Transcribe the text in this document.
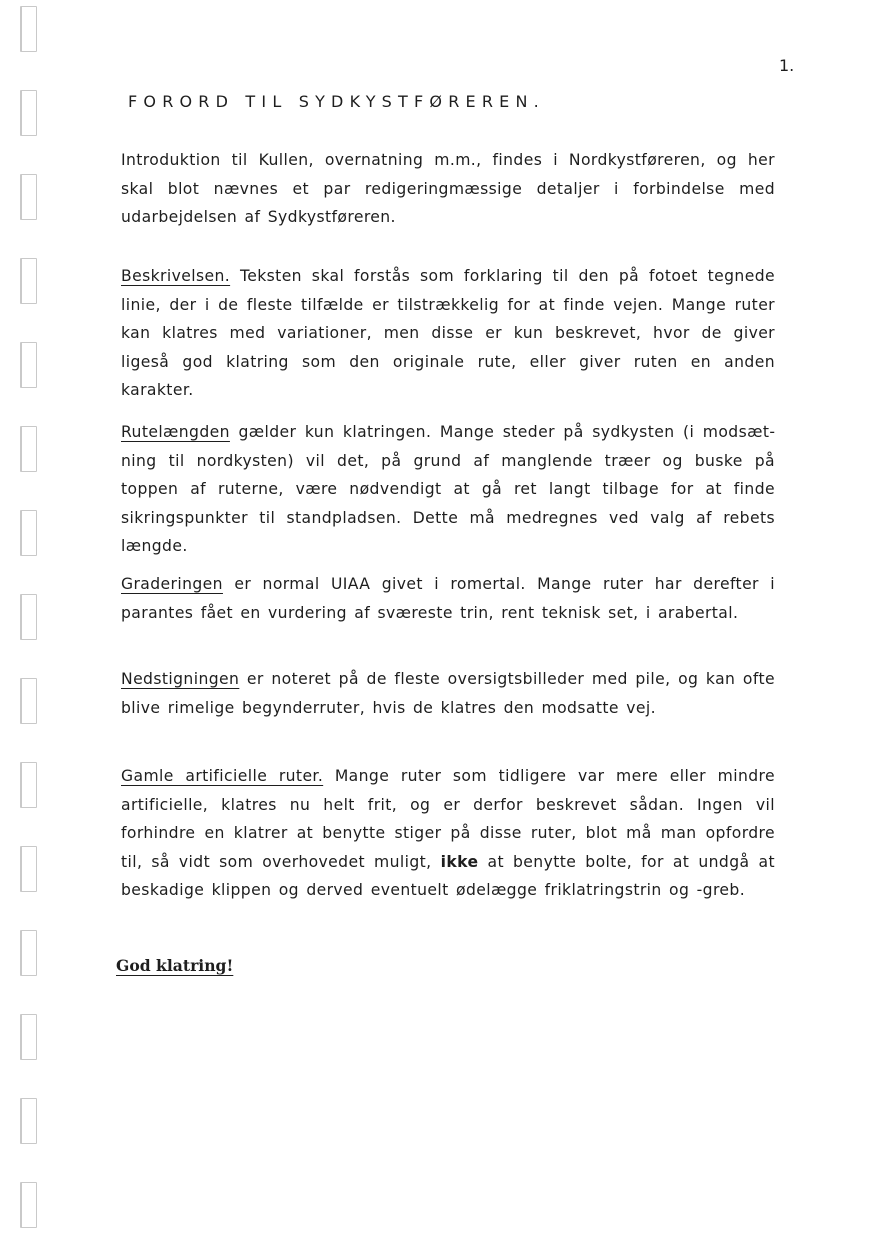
1.
FORORD TIL SYDKYSTFØREREN.

Introduktion til Kullen, overnatning m.m., findes i Nordkystføreren, og her skal blot nævnes et par redigeringmæssige detaljer i forbindelse med udarbejdelsen af Sydkystføreren.

Beskrivelsen. Teksten skal forstås som forklaring til den på fotoet tegnede linie, der i de fleste tilfælde er tilstrækkelig for at finde vejen. Mange ruter kan klatres med variationer, men disse er kun beskrevet, hvor de giver ligeså god klatring som den originale rute, eller giver ruten en anden karakter.

Rutelængden gælder kun klatringen. Mange steder på sydkysten (i modsætning til nordkysten) vil det, på grund af manglende træer og buske på toppen af ruterne, være nødvendigt at gå ret langt tilbage for at finde sikringspunkter til standpladsen. Dette må medregnes ved valg af rebets længde.

Graderingen er normal UIAA givet i romertal. Mange ruter har derefter i parantes fået en vurdering af sværeste trin, rent teknisk set, i arabertal.

Nedstigningen er noteret på de fleste oversigtsbilleder med pile, og kan ofte blive rimelige begynderruter, hvis de klatres den modsatte vej.

Gamle artificielle ruter. Mange ruter som tidligere var mere eller mindre artificielle, klatres nu helt frit, og er derfor beskrevet sådan. Ingen vil forhindre en klatrer at benytte stiger på disse ruter, blot må man opfordre til, så vidt som overhovedet muligt, ikke at benytte bolte, for at undgå at beskadige klippen og derved eventuelt ødelægge friklatringstrin og -greb.

God klatring!
